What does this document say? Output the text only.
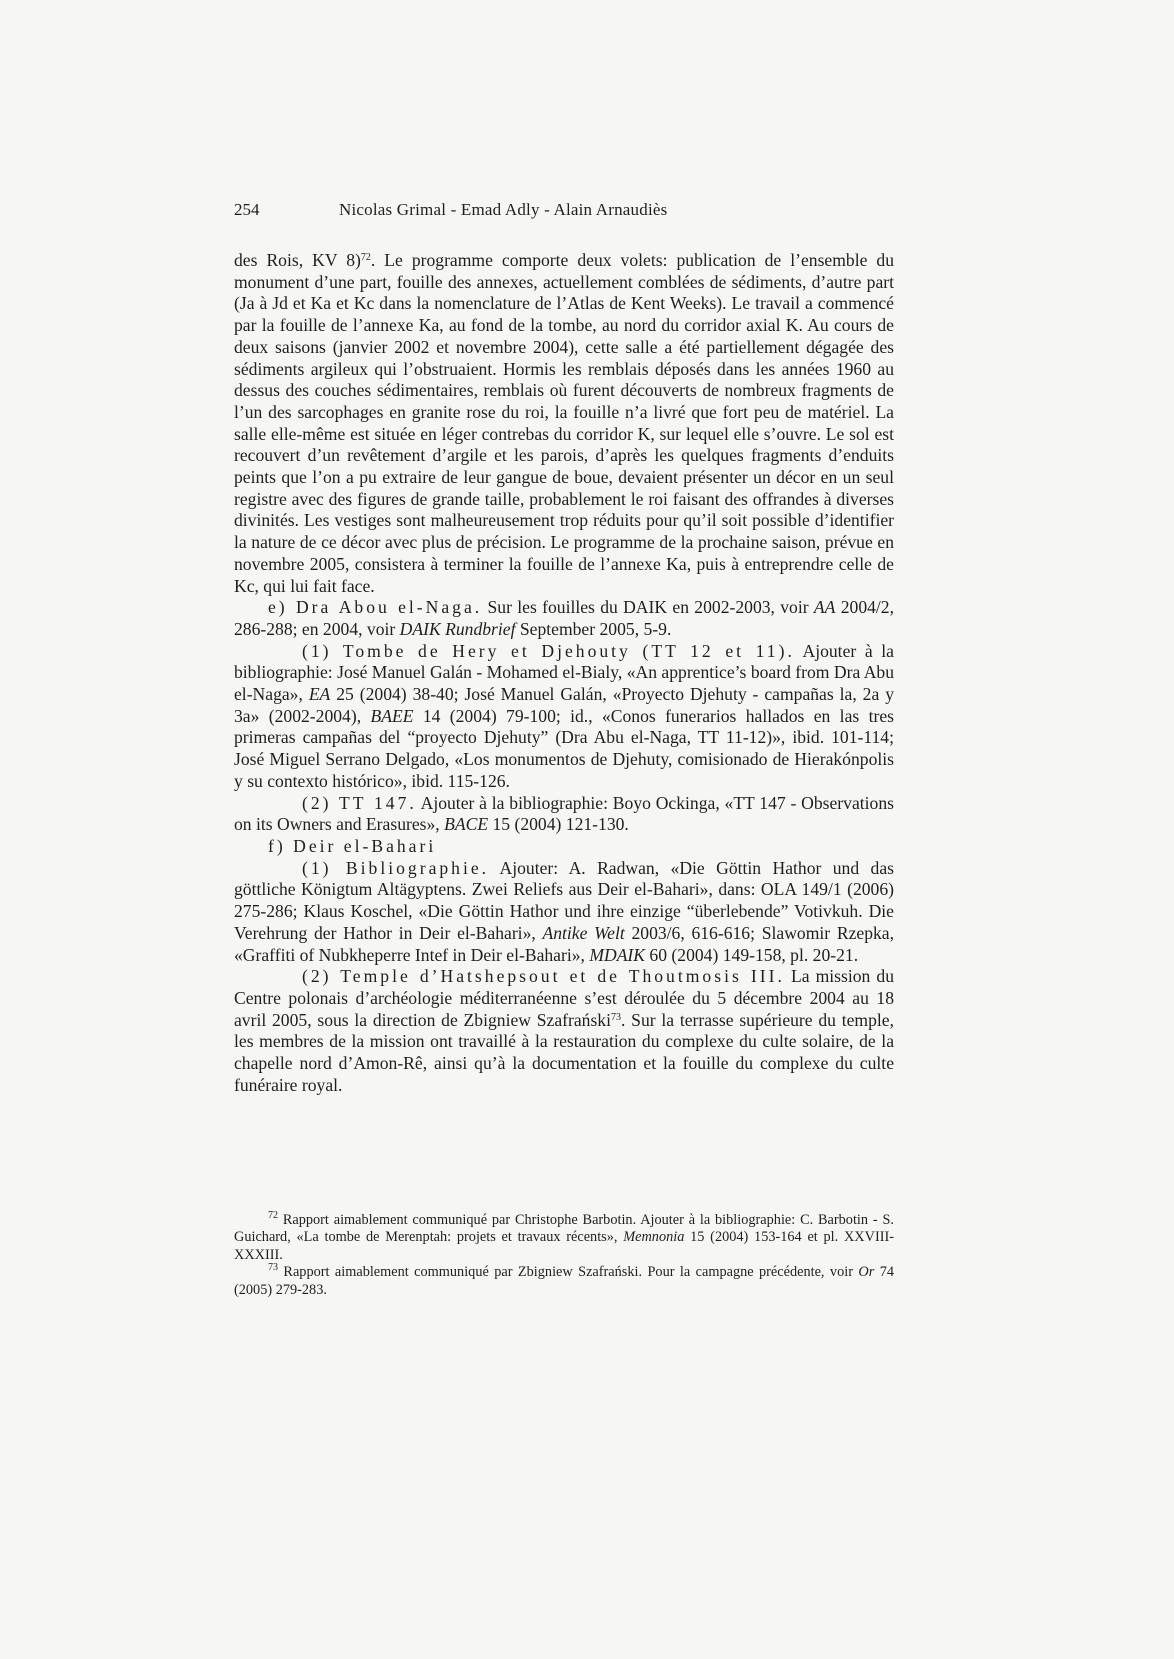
254	Nicolas Grimal - Emad Adly - Alain Arnaudiès

des Rois, KV 8)$^{72}$. Le programme comporte deux volets: publication de l’ensemble du monument d’une part, fouille des annexes, actuellement comblées de sédiments, d’autre part (Ja à Jd et Ka et Kc dans la nomenclature de l’Atlas de Kent Weeks). Le travail a commencé par la fouille de l’annexe Ka, au fond de la tombe, au nord du corridor axial K. Au cours de deux saisons (janvier 2002 et novembre 2004), cette salle a été partiellement dégagée des sédiments argileux qui l’obstruaient. Hormis les remblais déposés dans les années 1960 au dessus des couches sédimentaires, remblais où furent découverts de nombreux fragments de l’un des sarcophages en granite rose du roi, la fouille n’a livré que fort peu de matériel. La salle elle-même est située en léger contrebas du corridor K, sur lequel elle s’ouvre. Le sol est recouvert d’un revêtement d’argile et les parois, d’après les quelques fragments d’enduits peints que l’on a pu extraire de leur gangue de boue, devaient présenter un décor en un seul registre avec des figures de grande taille, probablement le roi faisant des offrandes à diverses divinités. Les vestiges sont malheureusement trop réduits pour qu’il soit possible d’identifier la nature de ce décor avec plus de précision. Le programme de la prochaine saison, prévue en novembre 2005, consistera à terminer la fouille de l’annexe Ka, puis à entreprendre celle de Kc, qui lui fait face.

e) Dra Abou el-Naga. Sur les fouilles du DAIK en 2002-2003, voir AA 2004/2, 286-288; en 2004, voir DAIK Rundbrief September 2005, 5-9.

(1) Tombe de Hery et Djehouty (TT 12 et 11). Ajouter à la bibliographie: José Manuel Galán - Mohamed el-Bialy, «An apprentice’s board from Dra Abu el-Naga», EA 25 (2004) 38-40; José Manuel Galán, «Proyecto Djehuty - campañas la, 2a y 3a» (2002-2004), BAEE 14 (2004) 79-100; id., «Conos funerarios hallados en las tres primeras campañas del “proyecto Djehuty” (Dra Abu el-Naga, TT 11-12)», ibid. 101-114; José Miguel Serrano Delgado, «Los monumentos de Djehuty, comisionado de Hierakónpolis y su contexto histórico», ibid. 115-126.

(2) TT 147. Ajouter à la bibliographie: Boyo Ockinga, «TT 147 - Observations on its Owners and Erasures», BACE 15 (2004) 121-130.

f) Deir el-Bahari

(1) Bibliographie. Ajouter: A. Radwan, «Die Göttin Hathor und das göttliche Königtum Altägyptens. Zwei Reliefs aus Deir el-Bahari», dans: OLA 149/1 (2006) 275-286; Klaus Koschel, «Die Göttin Hathor und ihre einzige “überlebende” Votivkuh. Die Verehrung der Hathor in Deir el-Bahari», Antike Welt 2003/6, 616-616; Slawomir Rzepka, «Graffiti of Nubkheperre Intef in Deir el-Bahari», MDAIK 60 (2004) 149-158, pl. 20-21.

(2) Temple d’Hatshepsout et de Thoutmosis III. La mission du Centre polonais d’archéologie méditerranéenne s’est déroulée du 5 décembre 2004 au 18 avril 2005, sous la direction de Zbigniew Szafrański$^{73}$. Sur la terrasse supérieure du temple, les membres de la mission ont travaillé à la restauration du complexe du culte solaire, de la chapelle nord d’Amon-Rê, ainsi qu’à la documentation et la fouille du complexe du culte funéraire royal.

$^{72}$ Rapport aimablement communiqué par Christophe Barbotin. Ajouter à la bibliographie: C. Barbotin - S. Guichard, «La tombe de Merenptah: projets et travaux récents», Memnonia 15 (2004) 153-164 et pl. XXVIII-XXXIII.

$^{73}$ Rapport aimablement communiqué par Zbigniew Szafrański. Pour la campagne précédente, voir Or 74 (2005) 279-283.
